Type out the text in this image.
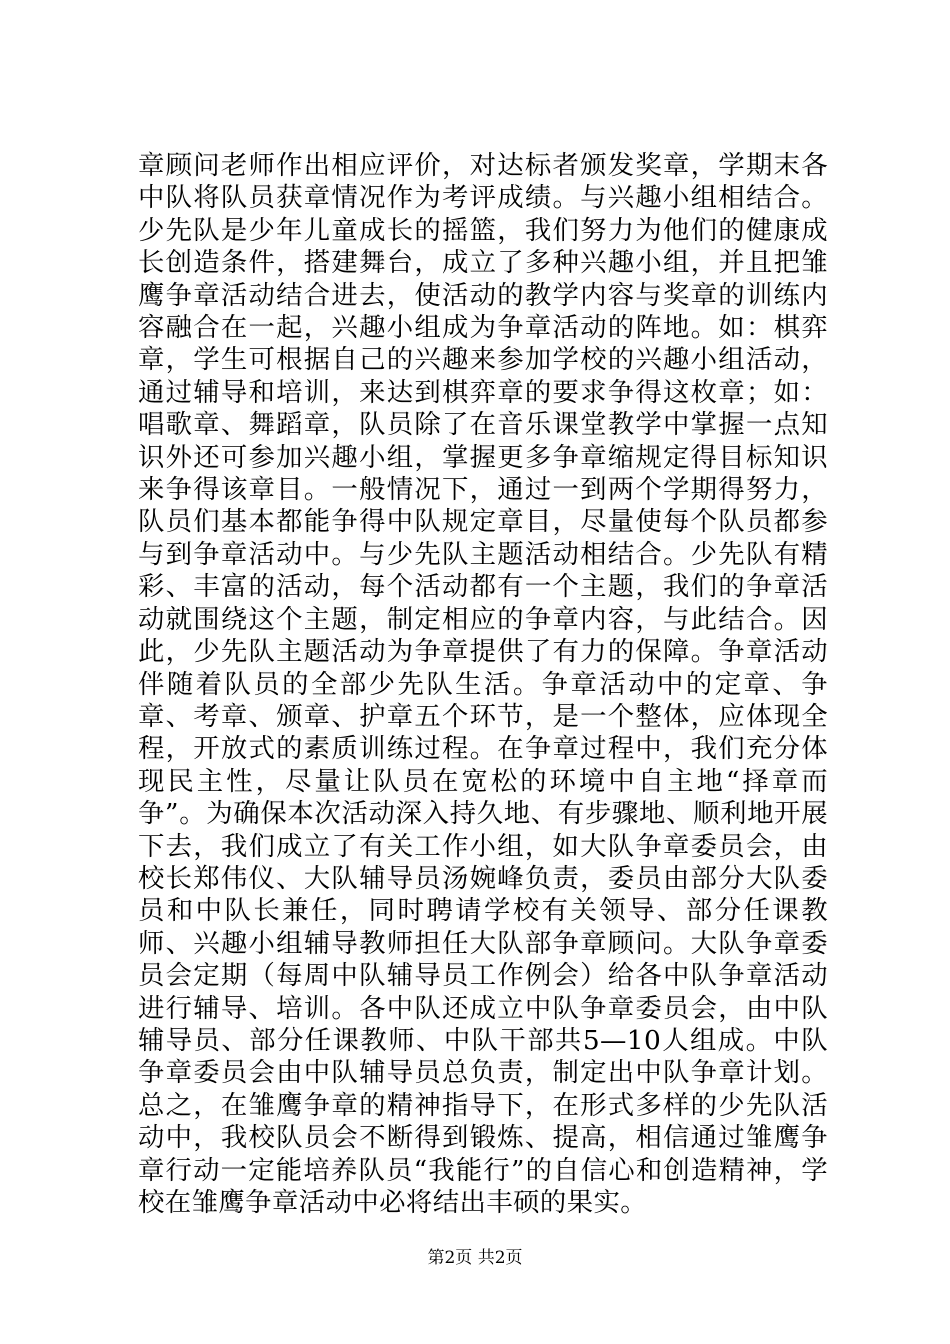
章顾问老师作出相应评价，对达标者颁发奖章，学期末各中队将队员获章情况作为考评成绩。与兴趣小组相结合。少先队是少年儿童成长的摇篮，我们努力为他们的健康成长创造条件，搭建舞台，成立了多种兴趣小组，并且把雏鹰争章活动结合进去，使活动的教学内容与奖章的训练内容融合在一起，兴趣小组成为争章活动的阵地。如：棋弈章，学生可根据自己的兴趣来参加学校的兴趣小组活动，通过辅导和培训，来达到棋弈章的要求争得这枚章；如：唱歌章、舞蹈章，队员除了在音乐课堂教学中掌握一点知识外还可参加兴趣小组，掌握更多争章缩规定得目标知识来争得该章目。一般情况下，通过一到两个学期得努力，队员们基本都能争得中队规定章目，尽量使每个队员都参与到争章活动中。与少先队主题活动相结合。少先队有精彩、丰富的活动，每个活动都有一个主题，我们的争章活动就围绕这个主题，制定相应的争章内容，与此结合。因此，少先队主题活动为争章提供了有力的保障。争章活动伴随着队员的全部少先队生活。争章活动中的定章、争章、考章、颁章、护章五个环节，是一个整体，应体现全程，开放式的素质训练过程。在争章过程中，我们充分体现民主性，尽量让队员在宽松的环境中自主地“择章而争”。为确保本次活动深入持久地、有步骤地、顺利地开展下去，我们成立了有关工作小组，如大队争章委员会，由校长郑伟仪、大队辅导员汤婉峰负责，委员由部分大队委员和中队长兼任，同时聘请学校有关领导、部分任课教师、兴趣小组辅导教师担任大队部争章顾问。大队争章委员会定期（每周中队辅导员工作例会）给各中队争章活动进行辅导、培训。各中队还成立中队争章委员会，由中队辅导员、部分任课教师、中队干部共5—10人组成。中队争章委员会由中队辅导员总负责，制定出中队争章计划。总之，在雏鹰争章的精神指导下，在形式多样的少先队活动中，我校队员会不断得到锻炼、提高，相信通过雏鹰争章行动一定能培养队员“我能行”的自信心和创造精神，学校在雏鹰争章活动中必将结出丰硕的果实。

第2页 共2页
